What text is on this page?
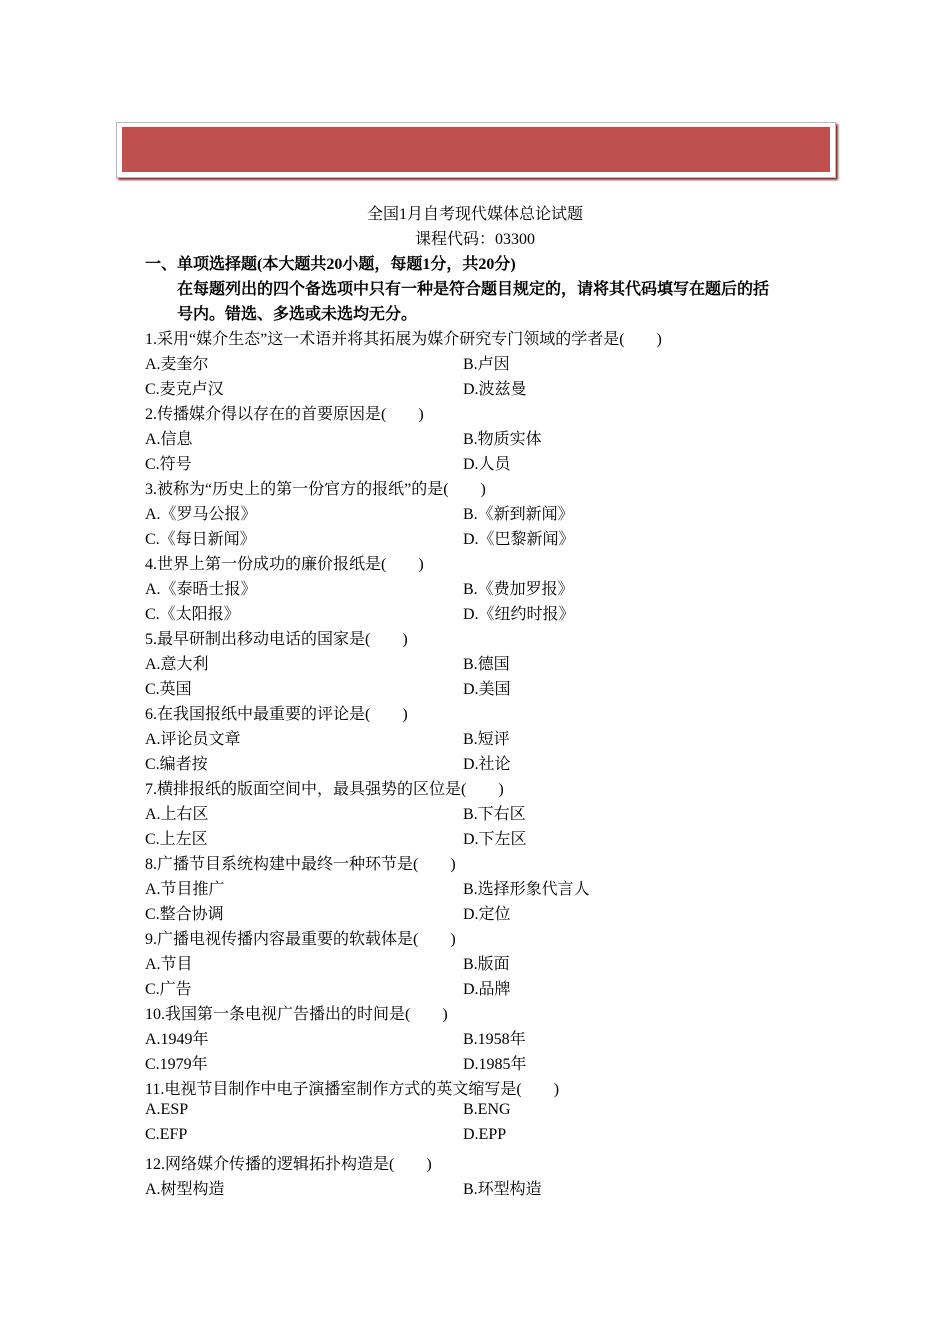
全国1月自考现代媒体总论试题
课程代码：03300
一、单项选择题(本大题共20小题，每题1分，共20分)
在每题列出的四个备选项中只有一种是符合题目规定的，请将其代码填写在题后的括
号内。错选、多选或未选均无分。
1.采用“媒介生态”这一术语并将其拓展为媒介研究专门领域的学者是(　　)
A.麦奎尔	B.卢因
C.麦克卢汉	D.波兹曼
2.传播媒介得以存在的首要原因是(　　)
A.信息	B.物质实体
C.符号	D.人员
3.被称为“历史上的第一份官方的报纸”的是(　　)
A.《罗马公报》	B.《新到新闻》
C.《每日新闻》	D.《巴黎新闻》
4.世界上第一份成功的廉价报纸是(　　)
A.《泰晤士报》	B.《费加罗报》
C.《太阳报》	D.《纽约时报》
5.最早研制出移动电话的国家是(　　)
A.意大利	B.德国
C.英国	D.美国
6.在我国报纸中最重要的评论是(　　)
A.评论员文章	B.短评
C.编者按	D.社论
7.横排报纸的版面空间中，最具强势的区位是(　　)
A.上右区	B.下右区
C.上左区	D.下左区
8.广播节目系统构建中最终一种环节是(　　)
A.节目推广	B.选择形象代言人
C.整合协调	D.定位
9.广播电视传播内容最重要的软载体是(　　)
A.节目	B.版面
C.广告	D.品牌
10.我国第一条电视广告播出的时间是(　　)
A.1949年	B.1958年
C.1979年	D.1985年
11.电视节目制作中电子演播室制作方式的英文缩写是(　　)
A.ESP	B.ENG
C.EFP	D.EPP
12.网络媒介传播的逻辑拓扑构造是(　　)
A.树型构造	B.环型构造
